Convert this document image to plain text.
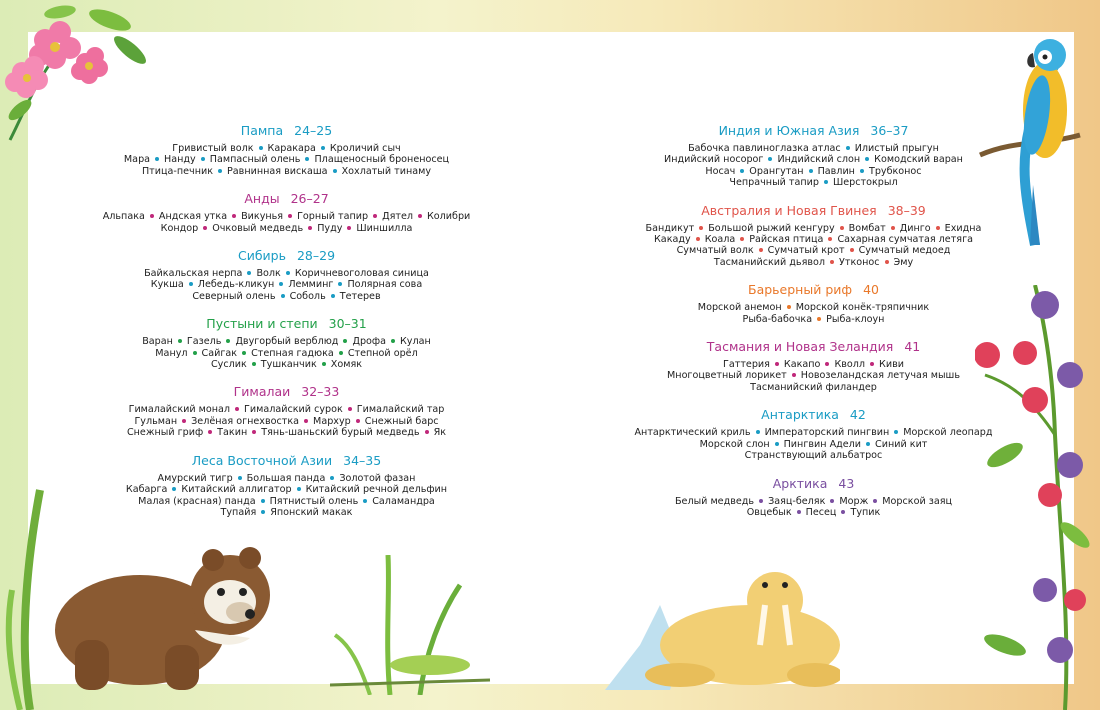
Пампа 24–25
Гривистый волк Каракара Кроличий сыч
Мара Нанду Пампасный олень Плащеносный броненосец
Птица-печник Равнинная вискаша Хохлатый тинаму
Анды 26–27
Альпака Андская утка Викунья Горный тапир Дятел Колибри
Кондор Очковый медведь Пуду Шиншилла
Сибирь 28–29
Байкальская нерпа Волк Коричневоголовая синица
Кукша Лебедь-кликун Лемминг Полярная сова
Северный олень Соболь Тетерев
Пустыни и степи 30–31
Варан Газель Двугорбый верблюд Дрофа Кулан
Манул Сайгак Степная гадюка Степной орёл
Суслик Тушканчик Хомяк
Гималаи 32–33
Гималайский монал Гималайский сурок Гималайский тар
Гульман Зелёная огнехвостка Мархур Снежный барс
Снежный гриф Такин Тянь-шаньский бурый медведь Як
Леса Восточной Азии 34–35
Амурский тигр Большая панда Золотой фазан
Кабарга Китайский аллигатор Китайский речной дельфин
Малая (красная) панда Пятнистый олень Саламандра
Тупайя Японский макак
Индия и Южная Азия 36–37
Бабочка павлиноглазка атлас Илистый прыгун
Индийский носорог Индийский слон Комодский варан
Носач Орангутан Павлин Трубконос
Чепрачный тапир Шерстокрыл
Австралия и Новая Гвинея 38–39
Бандикут Большой рыжий кенгуру Вомбат Динго Ехидна
Какаду Коала Райская птица Сахарная сумчатая летяга
Сумчатый волк Сумчатый крот Сумчатый медоед
Тасманийский дьявол Утконос Эму
Барьерный риф 40
Морской анемон Морской конёк-тряпичник
Рыба-бабочка Рыба-клоун
Тасмания и Новая Зеландия 41
Гаттерия Какапо Кволл Киви
Многоцветный лорикет Новозеландская летучая мышь
Тасманийский филандер
Антарктика 42
Антарктический криль Императорский пингвин Морской леопард
Морской слон Пингвин Адели Синий кит
Странствующий альбатрос
Арктика 43
Белый медведь Заяц-беляк Морж Морской заяц
Овцебык Песец Тупик
